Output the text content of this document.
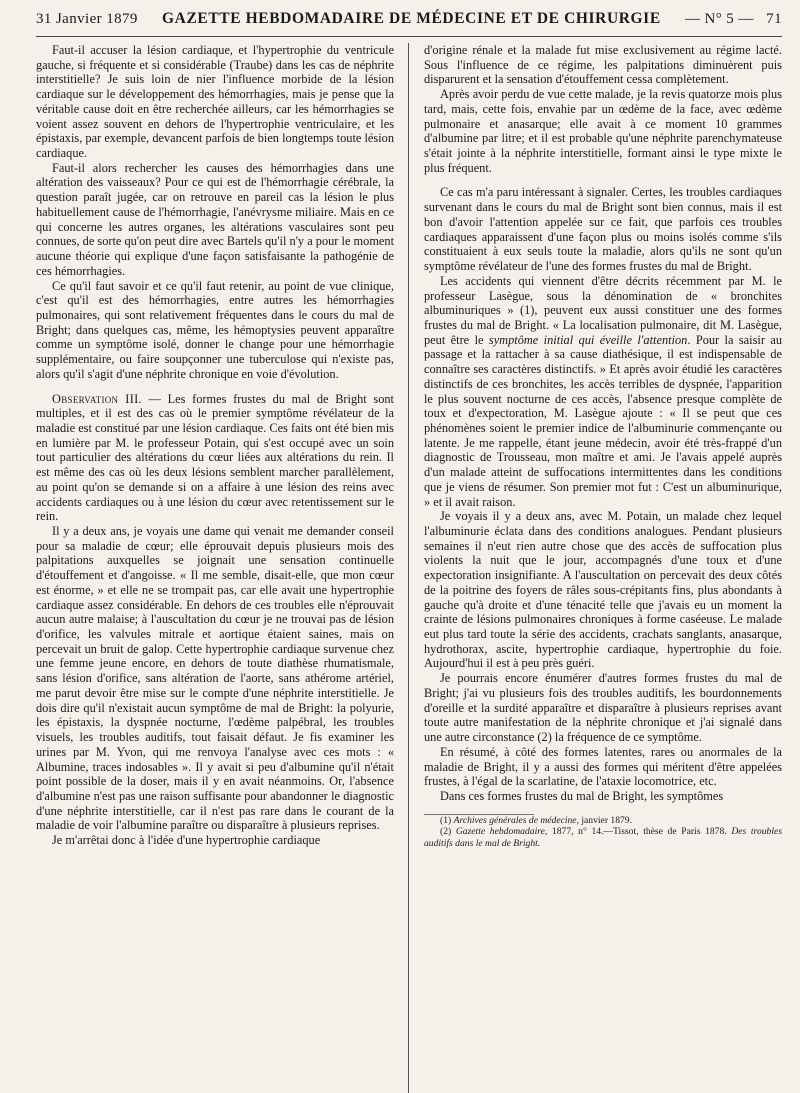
31 Janvier 1879 GAZETTE HEBDOMADAIRE DE MÉDECINE ET DE CHIRURGIE — N° 5 — 71

Faut-il accuser la lésion cardiaque, et l'hypertrophie du ventricule gauche, si fréquente et si considérable (Traube) dans les cas de néphrite interstitielle? Je suis loin de nier l'influence morbide de la lésion cardiaque sur le développement des hémorrhagies, mais je pense que la véritable cause doit en être recherchée ailleurs, car les hémorrhagies se voient assez souvent en dehors de l'hypertrophie ventriculaire, et les épistaxis, par exemple, devancent parfois de bien longtemps toute lésion cardiaque.

Faut-il alors rechercher les causes des hémorrhagies dans une altération des vaisseaux? Pour ce qui est de l'hémorrhagie cérébrale, la question paraît jugée, car on retrouve en pareil cas la lésion le plus habituellement cause de l'hémorrhagie, l'anévrysme miliaire. Mais en ce qui concerne les autres organes, les altérations vasculaires sont peu connues, de sorte qu'on peut dire avec Bartels qu'il n'y a pour le moment aucune théorie qui explique d'une façon satisfaisante la pathogénie de ces hémorrhagies.

Ce qu'il faut savoir et ce qu'il faut retenir, au point de vue clinique, c'est qu'il est des hémorrhagies, entre autres les hémorrhagies pulmonaires, qui sont relativement fréquentes dans le cours du mal de Bright; dans quelques cas, même, les hémoptysies peuvent apparaître comme un symptôme isolé, donner le change pour une hémorrhagie supplémentaire, ou faire soupçonner une tuberculose qui n'existe pas, alors qu'il s'agit d'une néphrite chronique en voie d'évolution.

Observation III. — Les formes frustes du mal de Bright sont multiples, et il est des cas où le premier symptôme révélateur de la maladie est constitué par une lésion cardiaque. Ces faits ont été bien mis en lumière par M. le professeur Potain, qui s'est occupé avec un soin tout particulier des altérations du cœur liées aux altérations du rein. Il est même des cas où les deux lésions semblent marcher parallèlement, au point qu'on se demande si on a affaire à une lésion des reins avec accidents cardiaques ou à une lésion du cœur avec retentissement sur le rein.

Il y a deux ans, je voyais une dame qui venait me demander conseil pour sa maladie de cœur; elle éprouvait depuis plusieurs mois des palpitations auxquelles se joignait une sensation continuelle d'étouffement et d'angoisse. « Il me semble, disait-elle, que mon cœur est énorme, » et elle ne se trompait pas, car elle avait une hypertrophie cardiaque assez considérable. En dehors de ces troubles elle n'éprouvait aucun autre malaise; à l'auscultation du cœur je ne trouvai pas de lésion d'orifice, les valvules mitrale et aortique étaient saines, mais on percevait un bruit de galop. Cette hypertrophie cardiaque survenue chez une femme jeune encore, en dehors de toute diathèse rhumatismale, sans lésion d'orifice, sans altération de l'aorte, sans athérome artériel, me parut devoir être mise sur le compte d'une néphrite interstitielle. Je dois dire qu'il n'existait aucun symptôme de mal de Bright: la polyurie, les épistaxis, la dyspnée nocturne, l'œdème palpébral, les troubles visuels, les troubles auditifs, tout faisait défaut. Je fis examiner les urines par M. Yvon, qui me renvoya l'analyse avec ces mots : « Albumine, traces indosables ». Il y avait si peu d'albumine qu'il n'était point possible de la doser, mais il y en avait néanmoins. Or, l'absence d'albumine n'est pas une raison suffisante pour abandonner le diagnostic d'une néphrite interstitielle, car il n'est pas rare dans le courant de la maladie de voir l'albumine paraître ou disparaître à plusieurs reprises.

Je m'arrêtai donc à l'idée d'une hypertrophie cardiaque

d'origine rénale et la malade fut mise exclusivement au régime lacté. Sous l'influence de ce régime, les palpitations diminuèrent puis disparurent et la sensation d'étouffement cessa complètement.

Après avoir perdu de vue cette malade, je la revis quatorze mois plus tard, mais, cette fois, envahie par un œdème de la face, avec œdème pulmonaire et anasarque; elle avait à ce moment 10 grammes d'albumine par litre; et il est probable qu'une néphrite parenchymateuse s'était jointe à la néphrite interstitielle, formant ainsi le type mixte le plus fréquent.

Ce cas m'a paru intéressant à signaler. Certes, les troubles cardiaques survenant dans le cours du mal de Bright sont bien connus, mais il est bon d'avoir l'attention appelée sur ce fait, que parfois ces troubles cardiaques apparaissent d'une façon plus ou moins isolés comme s'ils constituaient à eux seuls toute la maladie, alors qu'ils ne sont qu'un symptôme révélateur de l'une des formes frustes du mal de Bright.

Les accidents qui viennent d'être décrits récemment par M. le professeur Lasègue, sous la dénomination de « bronchites albuminuriques » (1), peuvent eux aussi constituer une des formes frustes du mal de Bright. « La localisation pulmonaire, dit M. Lasègue, peut être le symptôme initial qui éveille l'attention. Pour la saisir au passage et la rattacher à sa cause diathésique, il est indispensable de connaître ses caractères distinctifs. » Et après avoir étudié les caractères distinctifs de ces bronchites, les accès terribles de dyspnée, l'apparition le plus souvent nocturne de ces accès, l'absence presque complète de toux et d'expectoration, M. Lasègue ajoute : « Il se peut que ces phénomènes soient le premier indice de l'albuminurie commençante ou latente. Je me rappelle, étant jeune médecin, avoir été très-frappé d'un diagnostic de Trousseau, mon maître et ami. Je l'avais appelé auprès d'un malade atteint de suffocations intermittentes dans les conditions que je viens de résumer. Son premier mot fut : C'est un albuminurique, » et il avait raison.

Je voyais il y a deux ans, avec M. Potain, un malade chez lequel l'albuminurie éclata dans des conditions analogues. Pendant plusieurs semaines il n'eut rien autre chose que des accès de suffocation plus violents la nuit que le jour, accompagnés d'une toux et d'une expectoration insignifiante. A l'auscultation on percevait des deux côtés de la poitrine des foyers de râles sous-crépitants fins, plus abondants à gauche qu'à droite et d'une ténacité telle que j'avais eu un moment la crainte de lésions pulmonaires chroniques à forme caséeuse. Le malade eut plus tard toute la série des accidents, crachats sanglants, anasarque, hydrothorax, ascite, hypertrophie cardiaque, hypertrophie du foie. Aujourd'hui il est à peu près guéri.

Je pourrais encore énumérer d'autres formes frustes du mal de Bright; j'ai vu plusieurs fois des troubles auditifs, les bourdonnements d'oreille et la surdité apparaître et disparaître à plusieurs reprises avant toute autre manifestation de la néphrite chronique et j'ai signalé dans une autre circonstance (2) la fréquence de ce symptôme.

En résumé, à côté des formes latentes, rares ou anormales de la maladie de Bright, il y a aussi des formes qui méritent d'être appelées frustes, à l'égal de la scarlatine, de l'ataxie locomotrice, etc.

Dans ces formes frustes du mal de Bright, les symptômes

(1) Archives générales de médecine, janvier 1879.

(2) Gazette hebdomadaire, 1877, n° 14.—Tissot, thèse de Paris 1878. Des troubles auditifs dans le mal de Bright.
